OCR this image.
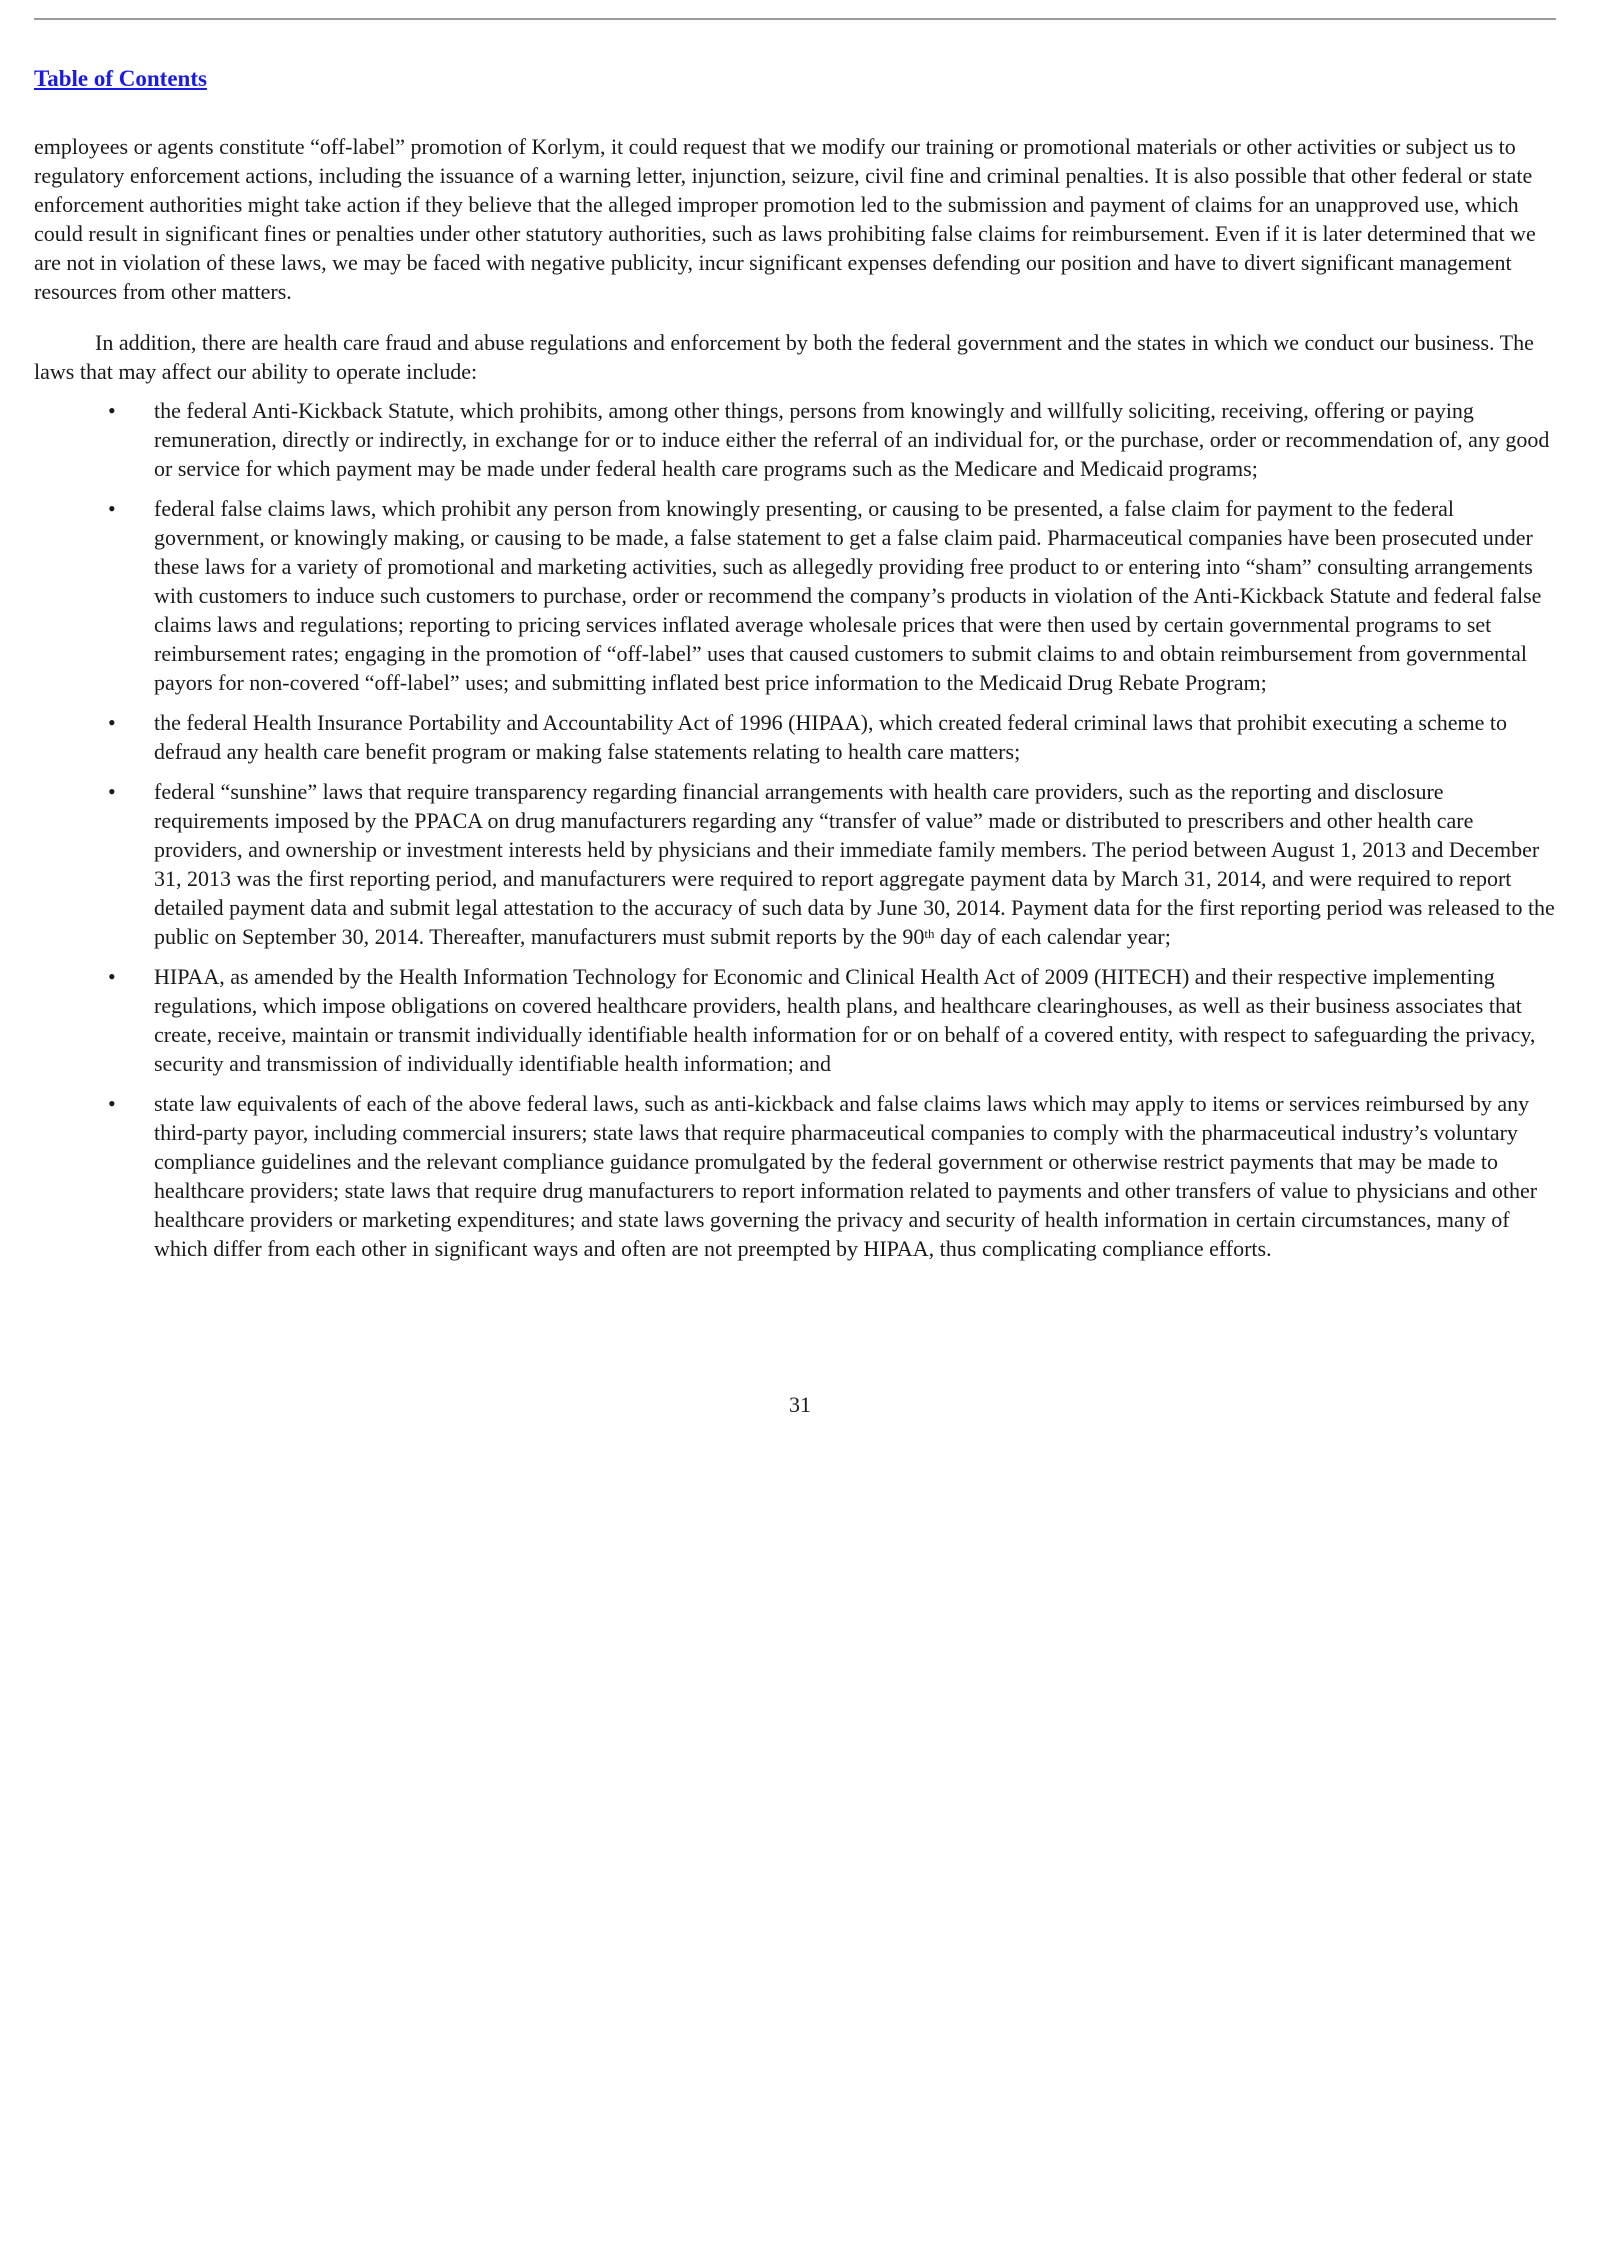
Table of Contents

employees or agents constitute “off-label” promotion of Korlym, it could request that we modify our training or promotional materials or other activities or subject us to regulatory enforcement actions, including the issuance of a warning letter, injunction, seizure, civil fine and criminal penalties. It is also possible that other federal or state enforcement authorities might take action if they believe that the alleged improper promotion led to the submission and payment of claims for an unapproved use, which could result in significant fines or penalties under other statutory authorities, such as laws prohibiting false claims for reimbursement. Even if it is later determined that we are not in violation of these laws, we may be faced with negative publicity, incur significant expenses defending our position and have to divert significant management resources from other matters.

In addition, there are health care fraud and abuse regulations and enforcement by both the federal government and the states in which we conduct our business. The laws that may affect our ability to operate include:

• the federal Anti-Kickback Statute, which prohibits, among other things, persons from knowingly and willfully soliciting, receiving, offering or paying remuneration, directly or indirectly, in exchange for or to induce either the referral of an individual for, or the purchase, order or recommendation of, any good or service for which payment may be made under federal health care programs such as the Medicare and Medicaid programs;
• federal false claims laws, which prohibit any person from knowingly presenting, or causing to be presented, a false claim for payment to the federal government, or knowingly making, or causing to be made, a false statement to get a false claim paid. Pharmaceutical companies have been prosecuted under these laws for a variety of promotional and marketing activities, such as allegedly providing free product to or entering into “sham” consulting arrangements with customers to induce such customers to purchase, order or recommend the company’s products in violation of the Anti-Kickback Statute and federal false claims laws and regulations; reporting to pricing services inflated average wholesale prices that were then used by certain governmental programs to set reimbursement rates; engaging in the promotion of “off-label” uses that caused customers to submit claims to and obtain reimbursement from governmental payors for non-covered “off-label” uses; and submitting inflated best price information to the Medicaid Drug Rebate Program;
• the federal Health Insurance Portability and Accountability Act of 1996 (HIPAA), which created federal criminal laws that prohibit executing a scheme to defraud any health care benefit program or making false statements relating to health care matters;
• federal “sunshine” laws that require transparency regarding financial arrangements with health care providers, such as the reporting and disclosure requirements imposed by the PPACA on drug manufacturers regarding any “transfer of value” made or distributed to prescribers and other health care providers, and ownership or investment interests held by physicians and their immediate family members. The period between August 1, 2013 and December 31, 2013 was the first reporting period, and manufacturers were required to report aggregate payment data by March 31, 2014, and were required to report detailed payment data and submit legal attestation to the accuracy of such data by June 30, 2014. Payment data for the first reporting period was released to the public on September 30, 2014. Thereafter, manufacturers must submit reports by the 90th day of each calendar year;
• HIPAA, as amended by the Health Information Technology for Economic and Clinical Health Act of 2009 (HITECH) and their respective implementing regulations, which impose obligations on covered healthcare providers, health plans, and healthcare clearinghouses, as well as their business associates that create, receive, maintain or transmit individually identifiable health information for or on behalf of a covered entity, with respect to safeguarding the privacy, security and transmission of individually identifiable health information; and
• state law equivalents of each of the above federal laws, such as anti-kickback and false claims laws which may apply to items or services reimbursed by any third-party payor, including commercial insurers; state laws that require pharmaceutical companies to comply with the pharmaceutical industry’s voluntary compliance guidelines and the relevant compliance guidance promulgated by the federal government or otherwise restrict payments that may be made to healthcare providers; state laws that require drug manufacturers to report information related to payments and other transfers of value to physicians and other healthcare providers or marketing expenditures; and state laws governing the privacy and security of health information in certain circumstances, many of which differ from each other in significant ways and often are not preempted by HIPAA, thus complicating compliance efforts.
31
